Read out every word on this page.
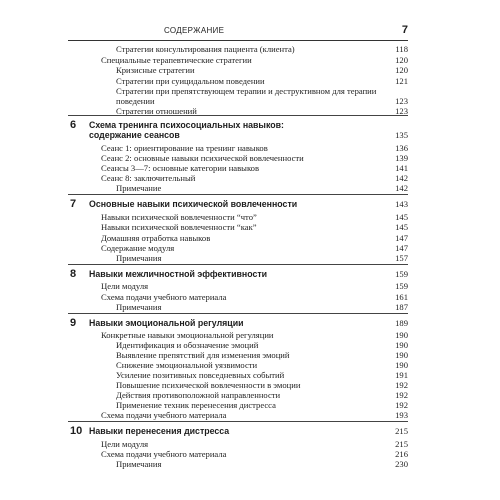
СОДЕРЖАНИЕ	7
Стратегии консультирования пациента (клиента)	118
Специальные терапевтические стратегии	120
Кризисные стратегии	120
Стратегии при суицидальном поведении	121
Стратегии при препятствующем терапии и деструктивном для терапии
поведении	123
Стратегии отношений	123
6	Схема тренинга психосоциальных навыков:
содержание сеансов	135
Сеанс 1: ориентирование на тренинг навыков	136
Сеанс 2: основные навыки психической вовлеченности	139
Сеансы 3—7: основные категории навыков	141
Сеанс 8: заключительный	142
Примечание	142
7	Основные навыки психической вовлеченности	143
Навыки психической вовлеченности “что”	145
Навыки психической вовлеченности “как”	145
Домашняя отработка навыков	147
Содержание модуля	147
Примечания	157
8	Навыки межличностной эффективности	159
Цели модуля	159
Схема подачи учебного материала	161
Примечания	187
9	Навыки эмоциональной регуляции	189
Конкретные навыки эмоциональной регуляции	190
Идентификация и обозначение эмоций	190
Выявление препятствий для изменения эмоций	190
Снижение эмоциональной уязвимости	190
Усиление позитивных повседневных событий	191
Повышение психической вовлеченности в эмоции	192
Действия противоположной направленности	192
Применение техник перенесения дистресса	192
Схема подачи учебного материала	193
10 Навыки перенесения дистресса	215
Цели модуля	215
Схема подачи учебного материала	216
Примечания	230
